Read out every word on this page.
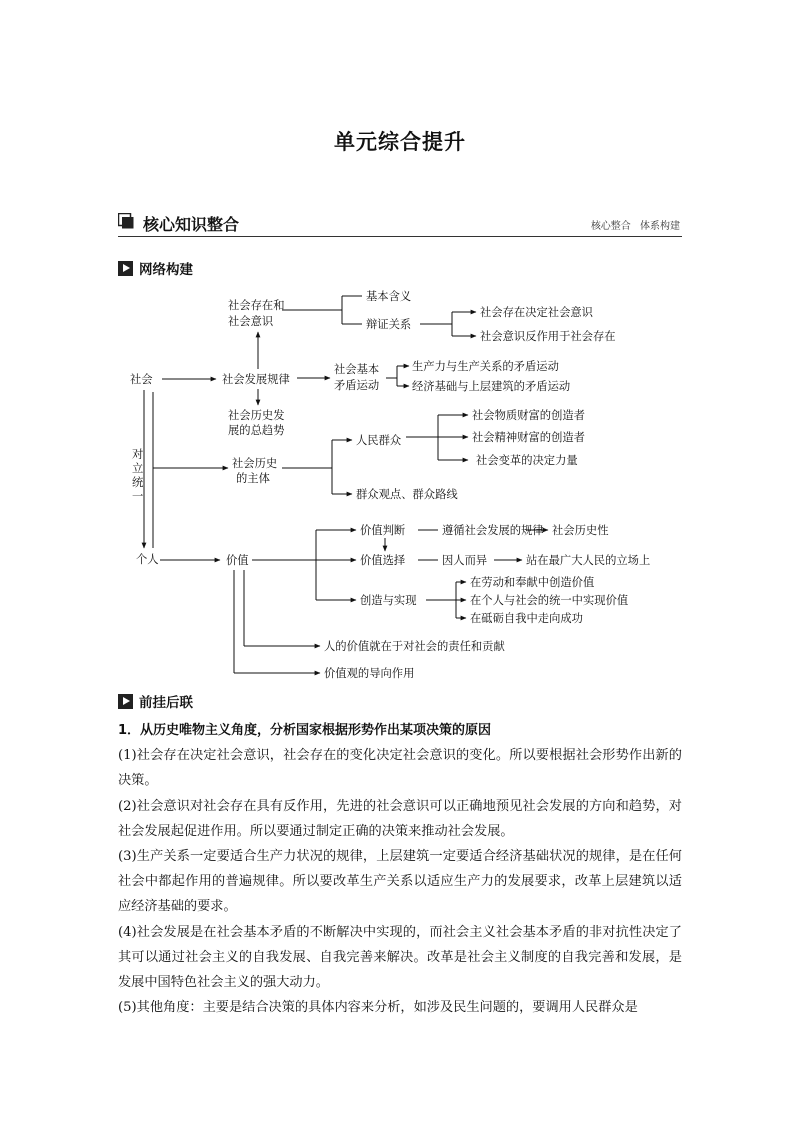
单元综合提升
核心知识整合	核心整合 体系构建
网络构建
社会
个人
对
立
统
一
社会存在和
社会意识
基本含义
辩证关系
社会存在决定社会意识
社会意识反作用于社会存在
社会发展规律
社会基本
矛盾运动
生产力与生产关系的矛盾运动
经济基础与上层建筑的矛盾运动
社会历史发
展的总趋势
社会历史
的主体
人民群众
社会物质财富的创造者
社会精神财富的创造者
社会变革的决定力量
群众观点、群众路线
价值
价值判断	遵循社会发展的规律 社会历史性
价值选择	因人而异	站在最广大人民的立场上
创造与实现
在劳动和奉献中创造价值
在个人与社会的统一中实现价值
在砥砺自我中走向成功
人的价值就在于对社会的责任和贡献
价值观的导向作用
前挂后联

1．从历史唯物主义角度，分析国家根据形势作出某项决策的原因

(1)社会存在决定社会意识，社会存在的变化决定社会意识的变化。所以要根据社会形势作出新的决策。

(2)社会意识对社会存在具有反作用，先进的社会意识可以正确地预见社会发展的方向和趋势，对社会发展起促进作用。所以要通过制定正确的决策来推动社会发展。

(3)生产关系一定要适合生产力状况的规律，上层建筑一定要适合经济基础状况的规律，是在任何社会中都起作用的普遍规律。所以要改革生产关系以适应生产力的发展要求，改革上层建筑以适应经济基础的要求。

(4)社会发展是在社会基本矛盾的不断解决中实现的，而社会主义社会基本矛盾的非对抗性决定了其可以通过社会主义的自我发展、自我完善来解决。改革是社会主义制度的自我完善和发展，是发展中国特色社会主义的强大动力。

(5)其他角度：主要是结合决策的具体内容来分析，如涉及民生问题的，要调用人民群众是
